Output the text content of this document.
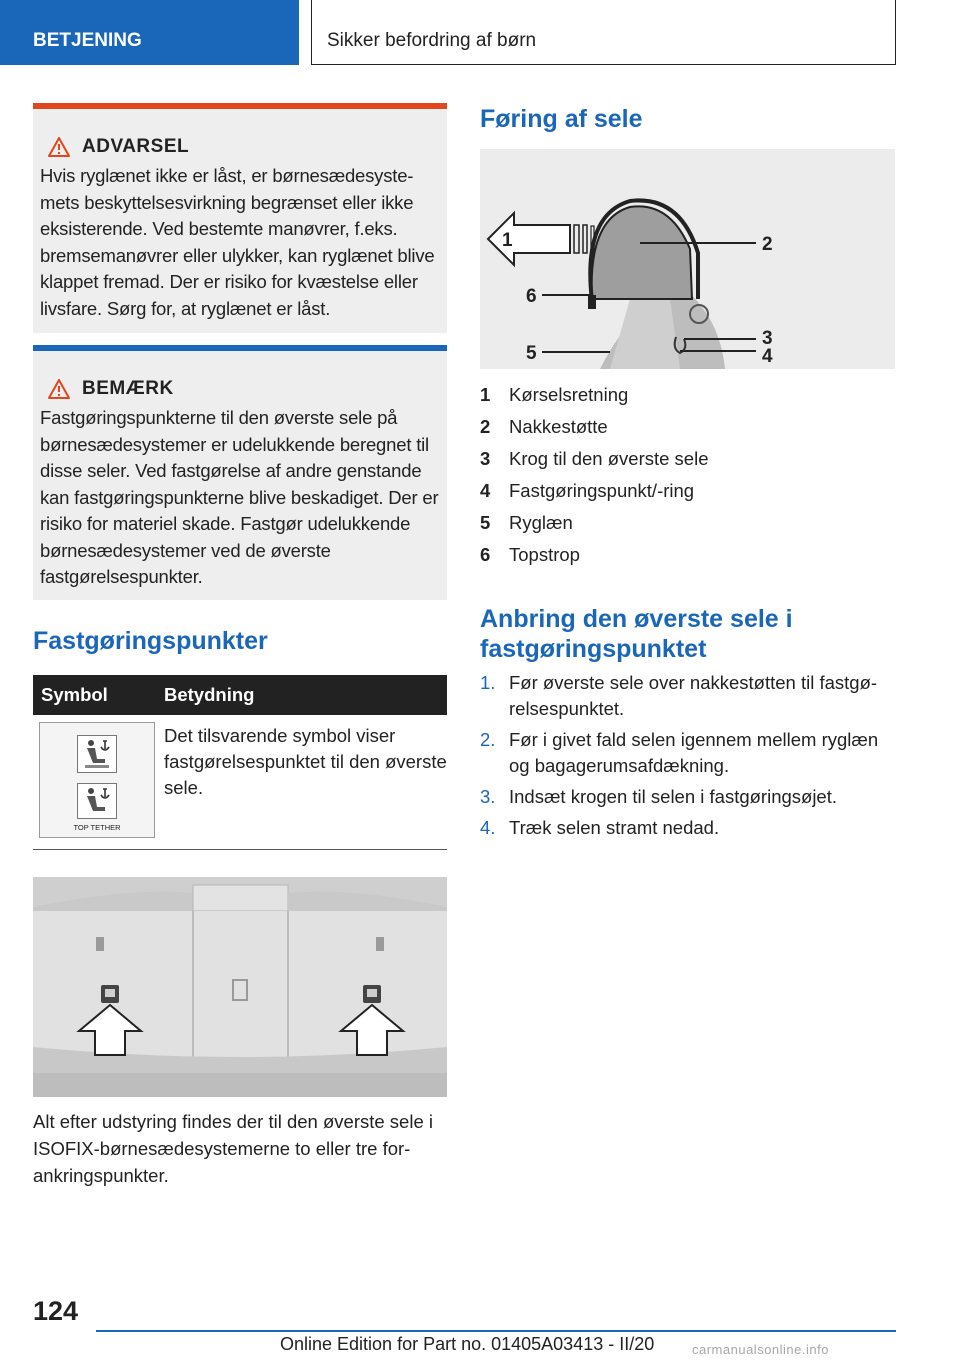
BETJENING	Sikker befordring af børn
ADVARSEL
Hvis ryglænet ikke er låst, er børnesædesystemets beskyttelsesvirkning begrænset eller ikke eksisterende. Ved bestemte manøvrer, f.eks. bremsemanøvrer eller ulykker, kan ryglænet blive klappet fremad. Der er risiko for kvæstelse eller livsfare. Sørg for, at ryglænet er låst.
BEMÆRK
Fastgøringspunkterne til den øverste sele på børnesædesystemer er udelukkende beregnet til disse seler. Ved fastgørelse af andre genstande kan fastgøringspunkterne blive beskadiget. Der er risiko for materiel skade. Fastgør udelukkende børnesædesystemer ved de øverste fastgørelsespunkter.
Fastgøringspunkter
Symbol	Betydning
TOP TETHER
Det tilsvarende symbol viser fastgørelsespunktet til den øverste sele.
Alt efter udstyring findes der til den øverste sele i ISOFIX-børnesædesystemerne to eller tre forankringspunkter.
Føring af sele
1	2
3
4
5
6
1	Kørselsretning
2	Nakkestøtte
3	Krog til den øverste sele
4	Fastgøringspunkt/-ring
5	Ryglæn
6	Topstrop
Anbring den øverste sele i
fastgøringspunktet
1. Før øverste sele over nakkestøtten til fastgørelsespunktet.
2. Før i givet fald selen igennem mellem ryglæn og bagagerumsafdækning.
3. Indsæt krogen til selen i fastgøringsøjet.
4. Træk selen stramt nedad.
124
Online Edition for Part no. 01405A03413 - II/20	carmanualsonline.info
